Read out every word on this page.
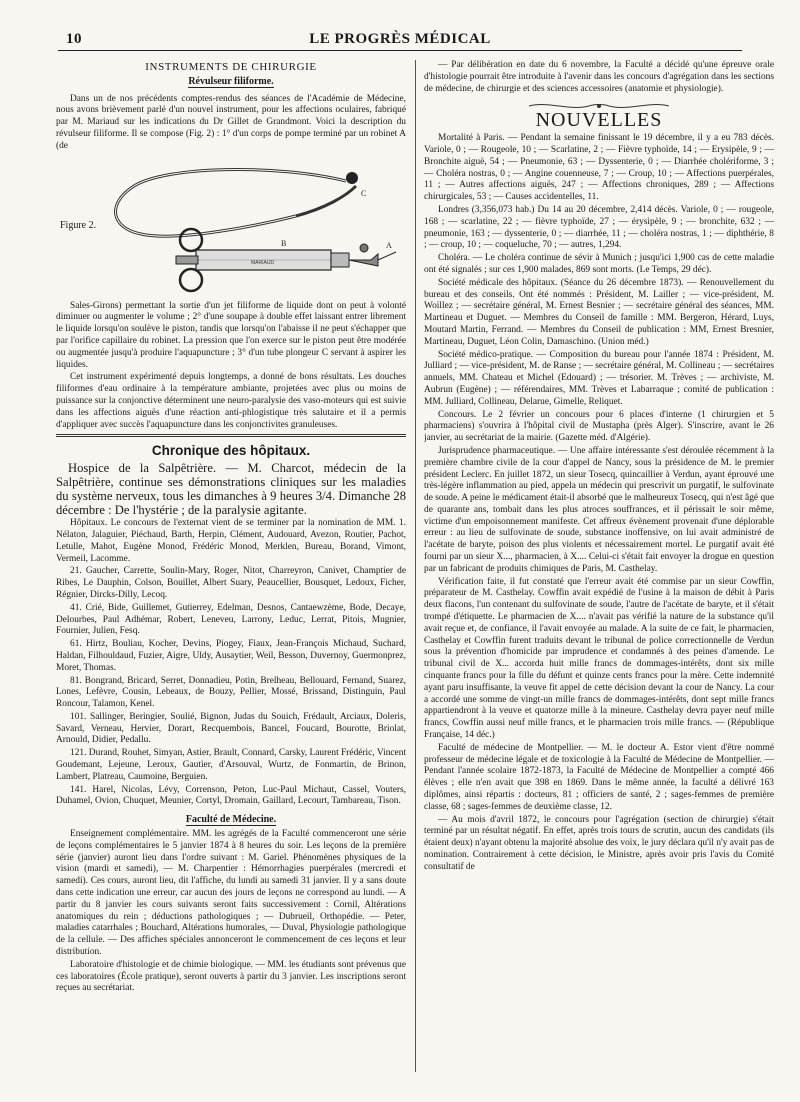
10	LE PROGRÈS MÉDICAL
INSTRUMENTS DE CHIRURGIE
Révulseur filiforme.

Dans un de nos précédents comptes-rendus des séances de l'Académie de Médecine, nous avons brièvement parlé d'un nouvel instrument, pour les affections oculaires, fabriqué par M. Mariaud sur les indications du Dr Gillet de Grandmont. Voici la description du révulseur filiforme. Il se compose (Fig. 2) : 1° d'un corps de pompe terminé par un robinet A (de

MARIAUD
B	A
C
Figure 2.

Sales-Girons) permettant la sortie d'un jet filiforme de liquide dont on peut à volonté diminuer ou augmenter le volume ; 2° d'une soupape à double effet laissant entrer librement le liquide lorsqu'on soulève le piston, tandis que lorsqu'on l'abaisse il ne peut s'échapper que par l'orifice capillaire du robinet. La pression que l'on exerce sur le piston peut être modérée ou augmentée jusqu'à produire l'aquapuncture ; 3° d'un tube plongeur C servant à aspirer les liquides.

Cet instrument expérimenté depuis longtemps, a donné de bons résultats. Les douches filiformes d'eau ordinaire à la température ambiante, projetées avec plus ou moins de puissance sur la conjonctive déterminent une neuro-paralysie des vaso-moteurs qui est suivie dans les affections aiguës d'une réaction anti-phlogistique très salutaire et il a permis d'appliquer avec succès l'aquapuncture dans les conjonctivites granuleuses.

Chronique des hôpitaux.

Hospice de la Salpêtrière. — M. Charcot, médecin de la Salpêtrière, continue ses démonstrations cliniques sur les maladies du système nerveux, tous les dimanches à 9 heures 3/4. Dimanche 28 décembre : De l'hystérie ; de la paralysie agitante.

Hôpitaux. Le concours de l'externat vient de se terminer par la nomination de MM. 1. Nélaton, Jalaguier, Piéchaud, Barth, Herpin, Clément, Audouard, Avezon, Routier, Pachot, Letulle, Mahot, Eugène Monod, Frédéric Monod, Merklen, Bureau, Borand, Vimont, Vermeil, Lacomme.

21. Gaucher, Carrette, Soulin-Mary, Roger, Nitot, Charreyron, Canivet, Champtier de Ribes, Le Dauphin, Colson, Bouillet, Albert Suary, Peaucellier, Bousquet, Ledoux, Ficher, Régnier, Dircks-Dilly, Lecoq.

41. Crié, Bide, Guillemet, Gutierrey, Edelman, Desnos, Cantaewzème, Bode, Decaye, Delourbes, Paul Adhémar, Robert, Leneveu, Larrony, Leduc, Lerrat, Pitois, Mugnier, Fournier, Julien, Fesq.

61. Hirtz, Bouliau, Kocher, Devins, Piogey, Fiaux, Jean-François Michaud, Suchard, Haldan, Filhouldaud, Fuzier, Aigre, Uldy, Ausaytier, Weil, Besson, Duvernoy, Guermonprez, Moret, Thomas.

81. Bongrand, Bricard, Serret, Donnadieu, Potin, Brelheau, Bellouard, Fernand, Suarez, Lones, Lefèvre, Cousin, Lebeaux, de Bouzy, Pellier, Mossé, Brissand, Distinguin, Paul Roncour, Talamon, Kenel.

101. Sallinger, Beringier, Soulié, Bignon, Judas du Souich, Frédault, Arciaux, Doleris, Savard, Verneau, Hervier, Dorart, Recquembois, Bancel, Foucard, Bourotte, Briolat, Arnould, Didier, Pedallu.

121. Durand, Rouhet, Simyan, Astier, Brault, Connard, Carsky, Laurent Frédéric, Vincent Goudemant, Lejeune, Leroux, Gautier, d'Arsouval, Wurtz, de Fonmartin, de Brinon, Lambert, Platreau, Caumoine, Berguien.

141. Harel, Nicolas, Lévy, Correnson, Peton, Luc-Paul Michaut, Cassel, Vouters, Duhamel, Ovion, Chuquet, Meunier, Cortyl, Dromain, Gaillard, Lecourt, Tambareau, Tison.

Faculté de Médecine.

Enseignement complémentaire. MM. les agrégés de la Faculté commenceront une série de leçons complémentaires le 5 janvier 1874 à 8 heures du soir. Les leçons de la première série (janvier) auront lieu dans l'ordre suivant : M. Gariel. Phénomènes physiques de la vision (mardi et samedi), — M. Charpentier : Hémorrhagies puerpérales (mercredi et samedi). Ces cours, auront lieu, dit l'affiche, du lundi au samedi 31 janvier. Il y a sans doute dans cette indication une erreur, car aucun des jours de leçons ne correspond au lundi. — A partir du 8 janvier les cours suivants seront faits successivement : Cornil, Altérations anatomiques du rein ; déductions pathologiques ; — Dubrueil, Orthopédie. — Peter, maladies catarrhales ; Bouchard, Altérations humorales, — Duval, Physiologie pathologique de la cellule. — Des affiches spéciales annonceront le commencement de ces leçons et leur distribution.

Laboratoire d'histologie et de chimie biologique. — MM. les étudiants sont prévenus que ces laboratoires (École pratique), seront ouverts à partir du 3 janvier. Les inscriptions seront reçues au secrétariat.

— Par délibération en date du 6 novembre, la Faculté a décidé qu'une épreuve orale d'histologie pourrait être introduite à l'avenir dans les concours d'agrégation dans les sections de médecine, de chirurgie et des sciences accessoires (anatomie et physiologie).

NOUVELLES

Mortalité à Paris. — Pendant la semaine finissant le 19 décembre, il y a eu 783 décès. Variole, 0 ; — Rougeole, 10 ; — Scarlatine, 2 ; — Fièvre typhoïde, 14 ; — Erysipèle, 9 ; — Bronchite aiguë, 54 ; — Pneumonie, 63 ; — Dyssenterie, 0 ; — Diarrhée cholériforme, 3 ; — Choléra nostras, 0 ; — Angine couenneuse, 7 ; — Croup, 10 ; — Affections puerpérales, 11 ; — Autres affections aiguës, 247 ; — Affections chroniques, 289 ; — Affections chirurgicales, 53 ; — Causes accidentelles, 11.

Londres (3,356,073 hab.) Du 14 au 20 décembre, 2,414 décès. Variole, 0 ; — rougeole, 168 ; — scarlatine, 22 ; — fièvre typhoïde, 27 ; — érysipèle, 9 ; — bronchite, 632 ; — pneumonie, 163 ; — dyssenterie, 0 ; — diarrhée, 11 ; — choléra nostras, 1 ; — diphthérie, 8 ; — croup, 10 ; — coqueluche, 70 ; — autres, 1,294.

Choléra. — Le choléra continue de sévir à Munich ; jusqu'ici 1,900 cas de cette maladie ont été signalés ; sur ces 1,900 malades, 869 sont morts. (Le Temps, 29 déc).

Société médicale des hôpitaux. (Séance du 26 décembre 1873). — Renouvellement du bureau et des conseils. Ont été nommés : Président, M. Lailler ; — vice-président, M. Woillez ; — secrétaire général, M. Ernest Besnier ; — secrétaire général des séances, MM. Martineau et Duguet. — Membres du Conseil de famille : MM. Bergeron, Hérard, Luys, Moutard Martin, Ferrand. — Membres du Conseil de publication : MM, Ernest Bresnier, Martineau, Duguet, Léon Colin, Damaschino. (Union méd.)

Société médico-pratique. — Composition du bureau pour l'année 1874 : Président, M. Julliard ; — vice-président, M. de Ranse ; — secrétaire général, M. Collineau ; — secrétaires annuels, MM. Chateau et Michel (Edouard) ; — trésorier. M. Trèves ; — archiviste, M. Aubrun (Eugène) ; — référendaires, MM. Trèves et Labarraque ; comité de publication : MM. Julliard, Collineau, Delarue, Gimelle, Reliquet.

Concours. Le 2 février un concours pour 6 places d'interne (1 chirurgien et 5 pharmaciens) s'ouvrira à l'hôpital civil de Mustapha (près Alger). S'inscrire, avant le 26 janvier, au secrétariat de la mairie. (Gazette méd. d'Algérie).

Jurisprudence pharmaceutique. — Une affaire intéressante s'est déroulée récemment à la première chambre civile de la cour d'appel de Nancy, sous la présidence de M. le premier président Leclerc. En juillet 1872, un sieur Tosecq, quincaillier à Verdun, ayant éprouvé une très-légère inflammation au pied, appela un médecin qui prescrivit un purgatif, le sulfovinate de soude. A peine le médicament était-il absorbé que le malheureux Tosecq, qui n'est âgé que de quarante ans, tombait dans les plus atroces souffrances, et il périssait le soir même, victime d'un empoisonnement manifeste. Cet affreux évènement provenait d'une déplorable erreur : au lieu de sulfovinate de soude, substance inoffensive, on lui avait administré de l'acétate de baryte, poison des plus violents et nécessairement mortel. Le purgatif avait été fourni par un sieur X..., pharmacien, à X.... Celui-ci s'était fait envoyer la drogue en question par un fabricant de produits chimiques de Paris, M. Casthelay.

Vérification faite, il fut constaté que l'erreur avait été commise par un sieur Cowffin, préparateur de M. Casthelay. Cowffin avait expédié de l'usine à la maison de débit à Paris deux flacons, l'un contenant du sulfovinate de soude, l'autre de l'acétate de baryte, et il s'était trompé d'étiquette. Le pharmacien de X.... n'avait pas vérifié la nature de la substance qu'il avait reçue et, de confiance, il l'avait envoyée au malade. A la suite de ce fait, le pharmacien, Casthelay et Cowffin furent traduits devant le tribunal de police correctionnelle de Verdun sous la prévention d'homicide par imprudence et condamnés à des peines d'amende. Le tribunal civil de X... accorda huit mille francs de dommages-intérêts, dont six mille cinquante francs pour la fille du défunt et quinze cents francs pour la mère. Cette indemnité ayant paru insuffisante, la veuve fit appel de cette décision devant la cour de Nancy. La cour a accordé une somme de vingt-un mille francs de dommages-intérêts, dont sept mille francs appartiendront à la veuve et quatorze mille à la mineure. Casthelay devra payer neuf mille francs, Cowffin aussi neuf mille francs, et le pharmacien trois mille francs. — (République Française, 14 déc.)

Faculté de médecine de Montpellier. — M. le docteur A. Estor vient d'être nommé professeur de médecine légale et de toxicologie à la Faculté de Médecine de Montpellier. — Pendant l'année scolaire 1872-1873, la Faculté de Médecine de Montpellier a compté 466 élèves ; elle n'en avait que 398 en 1869. Dans le même année, la faculté a délivré 163 diplômes, ainsi répartis : docteurs, 81 ; officiers de santé, 2 ; sages-femmes de première classe, 68 ; sages-femmes de deuxième classe, 12.

— Au mois d'avril 1872, le concours pour l'agrégation (section de chirurgie) s'était terminé par un résultat négatif. En effet, après trois tours de scrutin, aucun des candidats (ils étaient deux) n'ayant obtenu la majorité absolue des voix, le jury déclara qu'il n'y avait pas de nomination. Contrairement à cette décision, le Ministre, après avoir pris l'avis du Comité consultatif de
